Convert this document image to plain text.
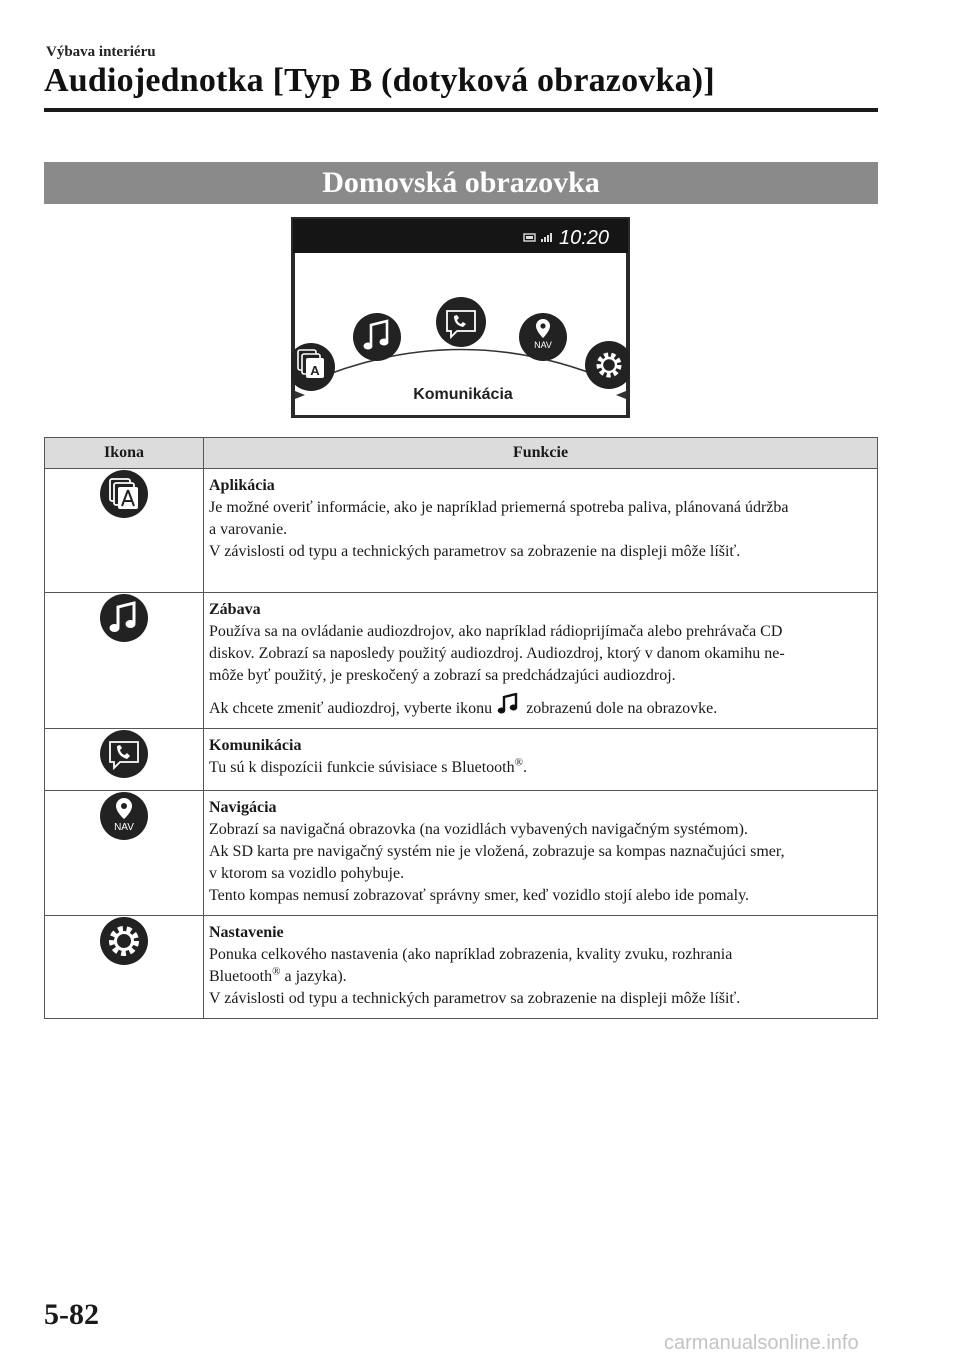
Výbava interiéru
Audiojednotka [Typ B (dotyková obrazovka)]
Domovská obrazovka
10:20
A
NAV
Komunikácia
Ikona	Funkcie

Aplikácia
Je možné overiť informácie, ako je napríklad priemerná spotreba paliva, plánovaná údržba
a varovanie.
V závislosti od typu a technických parametrov sa zobrazenie na displeji môže líšiť.

Zábava
Používa sa na ovládanie audiozdrojov, ako napríklad rádioprijímača alebo prehrávača CD
diskov. Zobrazí sa naposledy použitý audiozdroj. Audiozdroj, ktorý v danom okamihu ne-
môže byť použitý, je preskočený a zobrazí sa predchádzajúci audiozdroj.
Ak chcete zmeniť audiozdroj, vyberte ikonu zobrazenú dole na obrazovke.

Komunikácia
Tu sú k dispozícii funkcie súvisiace s Bluetooth®.

NAV	Navigácia
Zobrazí sa navigačná obrazovka (na vozidlách vybavených navigačným systémom).
Ak SD karta pre navigačný systém nie je vložená, zobrazuje sa kompas naznačujúci smer,
v ktorom sa vozidlo pohybuje.
Tento kompas nemusí zobrazovať správny smer, keď vozidlo stojí alebo ide pomaly.

Nastavenie
Ponuka celkového nastavenia (ako napríklad zobrazenia, kvality zvuku, rozhrania
Bluetooth® a jazyka).
V závislosti od typu a technických parametrov sa zobrazenie na displeji môže líšiť.
5-82
carmanualsonline.info
